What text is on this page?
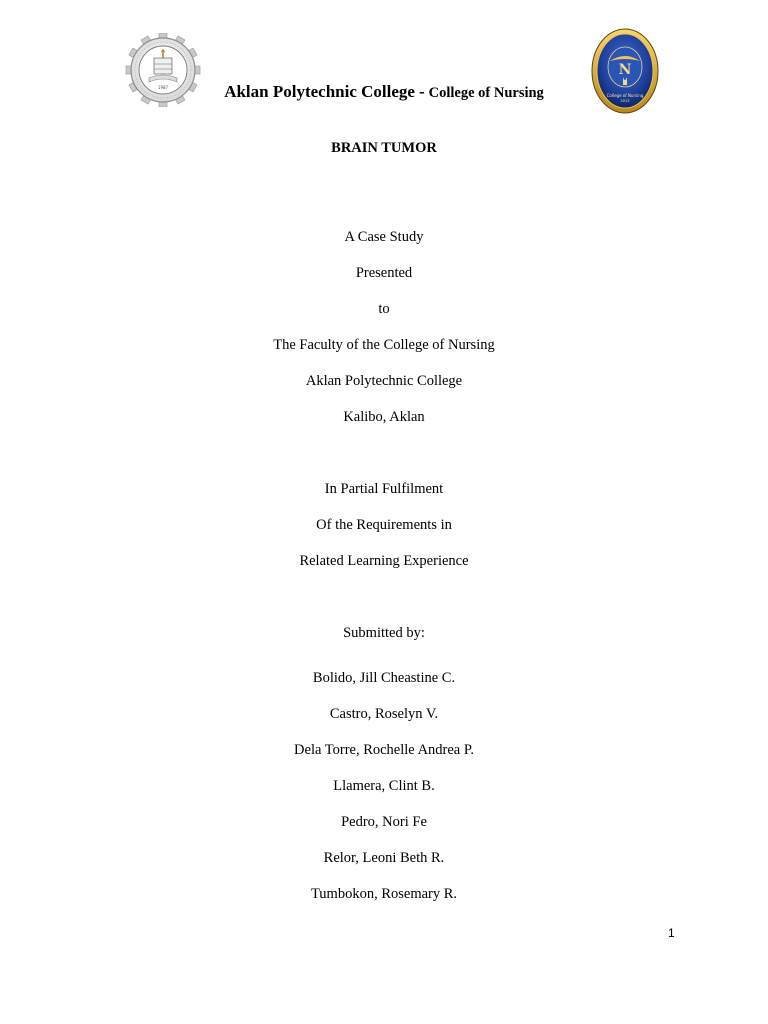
1987	Aklan Polytechnic College - College of Nursing
N
College of Nursing
2013
BRAIN TUMOR
A Case Study
Presented
to
The Faculty of the College of Nursing
Aklan Polytechnic College
Kalibo, Aklan
In Partial Fulfilment
Of the Requirements in
Related Learning Experience
Submitted by:
Bolido, Jill Cheastine C.
Castro, Roselyn V.
Dela Torre, Rochelle Andrea P.
Llamera, Clint B.
Pedro, Nori Fe
Relor, Leoni Beth R.
Tumbokon, Rosemary R.
1
